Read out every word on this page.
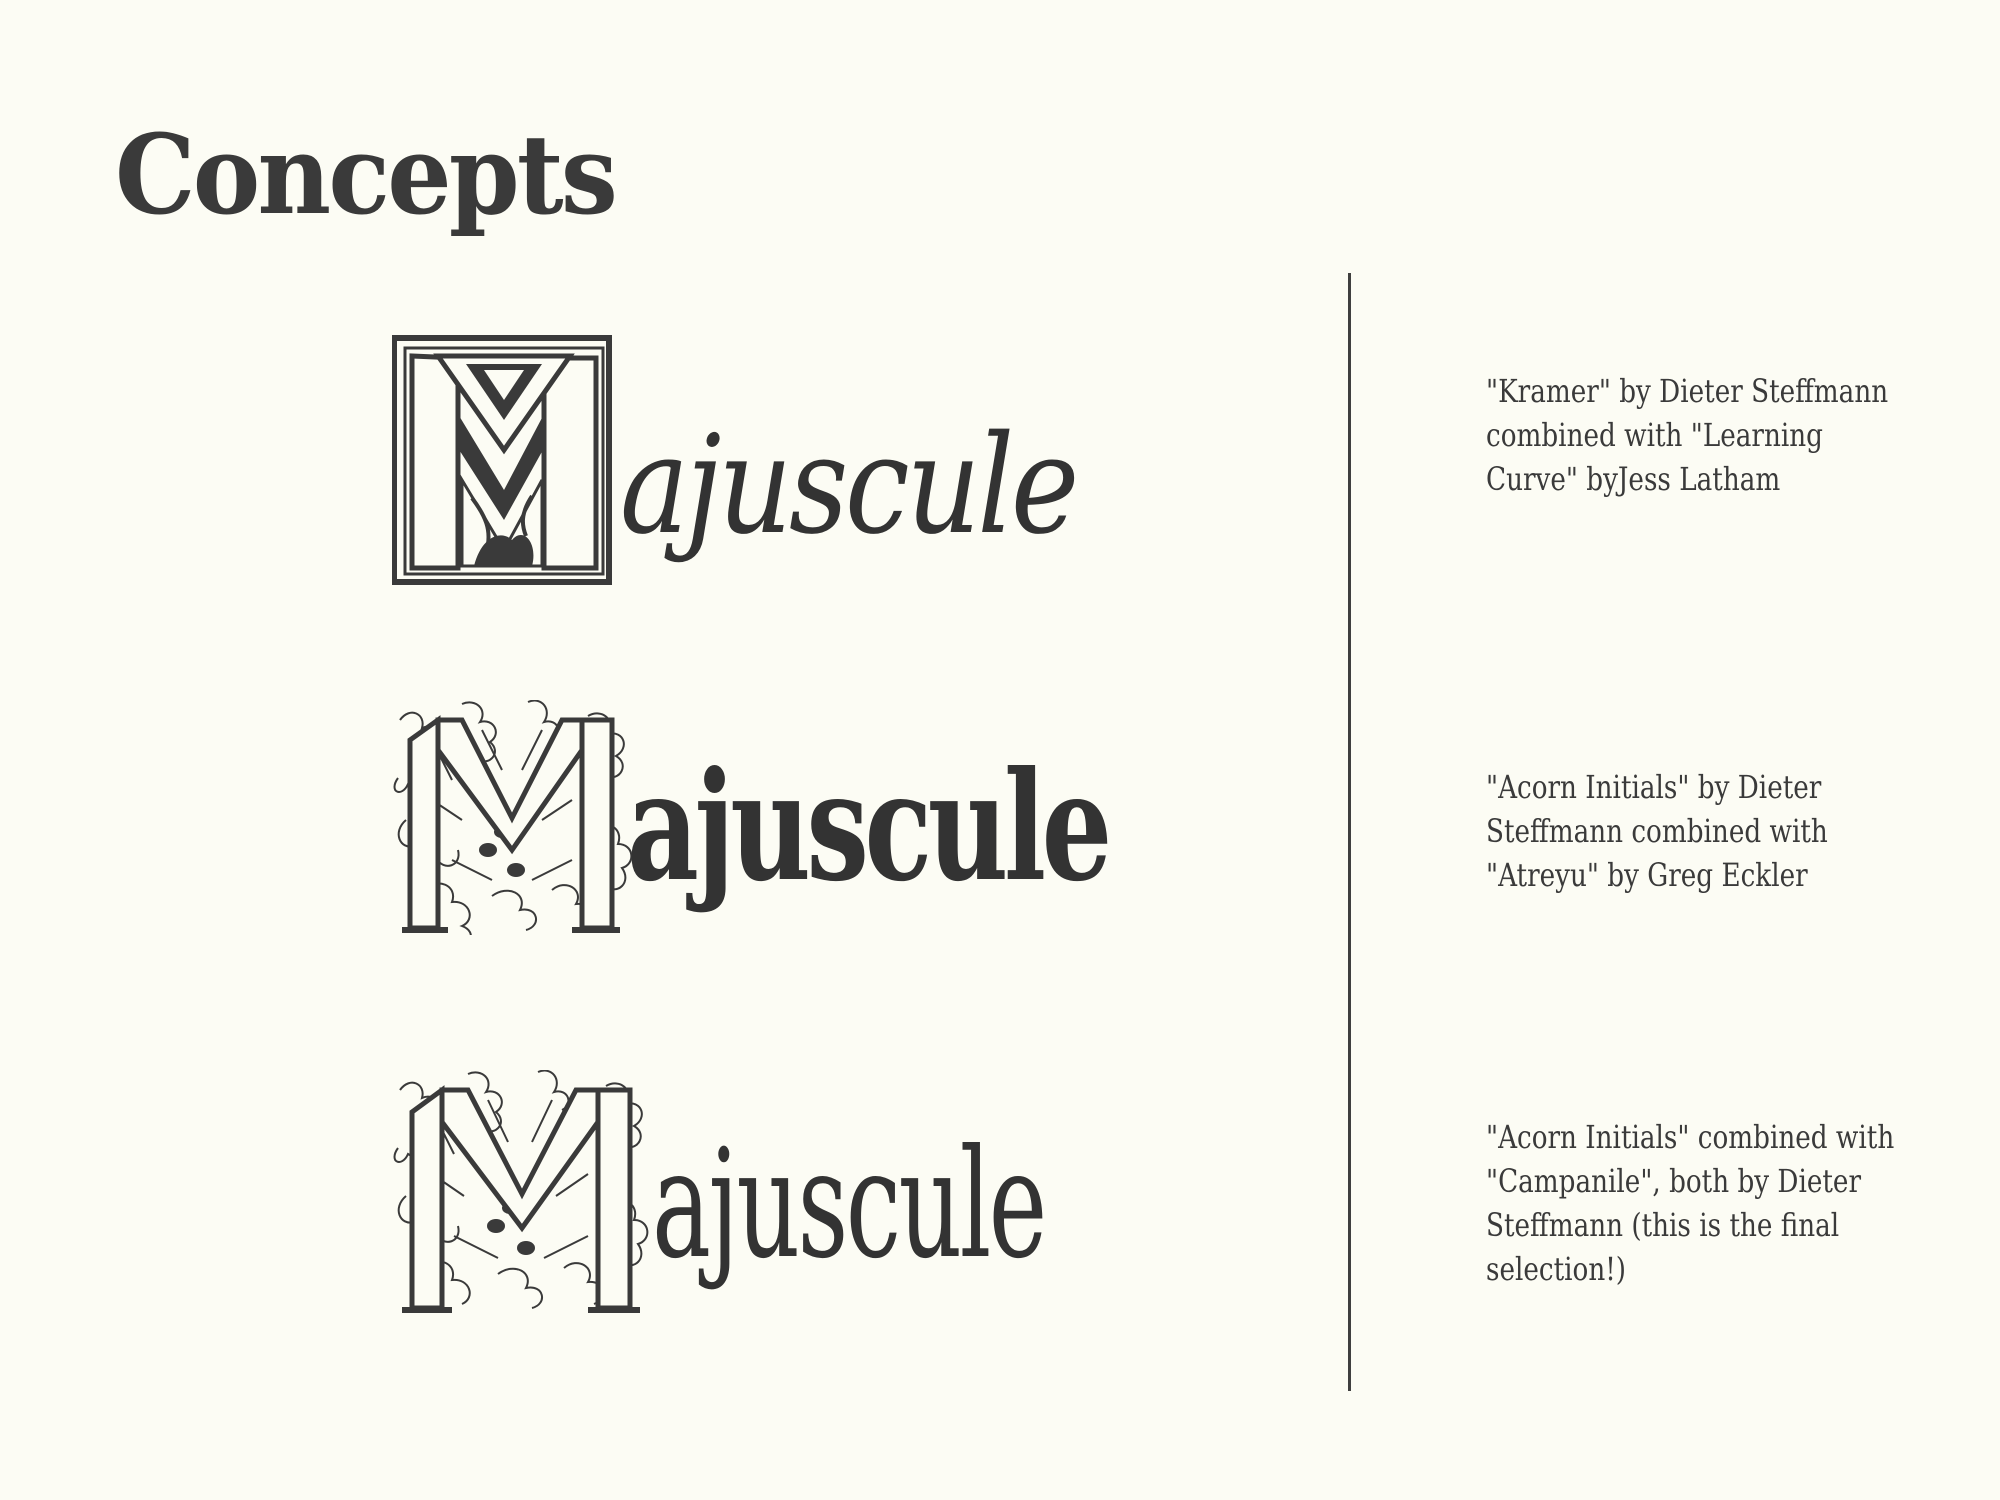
Concepts
ajuscule
ajuscule
ajuscule
"Kramer" by Dieter Steffmann combined with "Learning Curve" byJess Latham
"Acorn Initials" by Dieter Steffmann combined with "Atreyu" by Greg Eckler
"Acorn Initials" combined with "Campanile", both by Dieter Steffmann (this is the final selection!)
